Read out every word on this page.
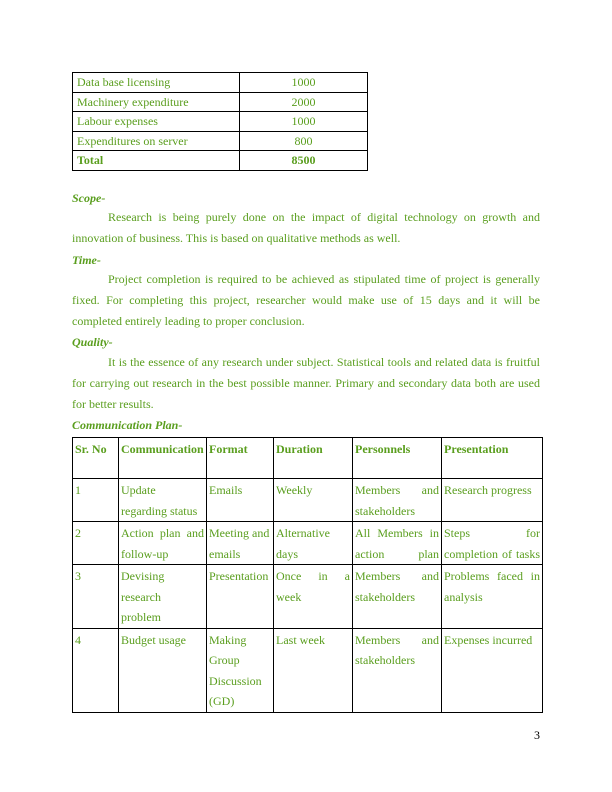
Data base licensing	1000
Machinery expenditure	2000
Labour expenses	1000
Expenditures on server	800
Total	8500
Scope-

Research is being purely done on the impact of digital technology on growth and innovation of business. This is based on qualitative methods as well.

Time-

Project completion is required to be achieved as stipulated time of project is generally fixed. For completing this project, researcher would make use of 15 days and it will be completed entirely leading to proper conclusion.

Quality-

It is the essence of any research under subject. Statistical tools and related data is fruitful for carrying out research in the best possible manner. Primary and secondary data both are used for better results.

Communication Plan-
Sr. No	Communication	Format	Duration	Personnels	Presentation
1	Update regarding status	Emails	Weekly	Members and stakeholders	Research progress
2	Action plan and follow-up	Meeting and emails	Alternative days	All Members in action plan	Steps for completion of tasks
3	Devising research problem	Presentation	Once in a week	Members and stakeholders	Problems faced in analysis
4	Budget usage	Making Group Discussion (GD)	Last week	Members and stakeholders	Expenses incurred
3
